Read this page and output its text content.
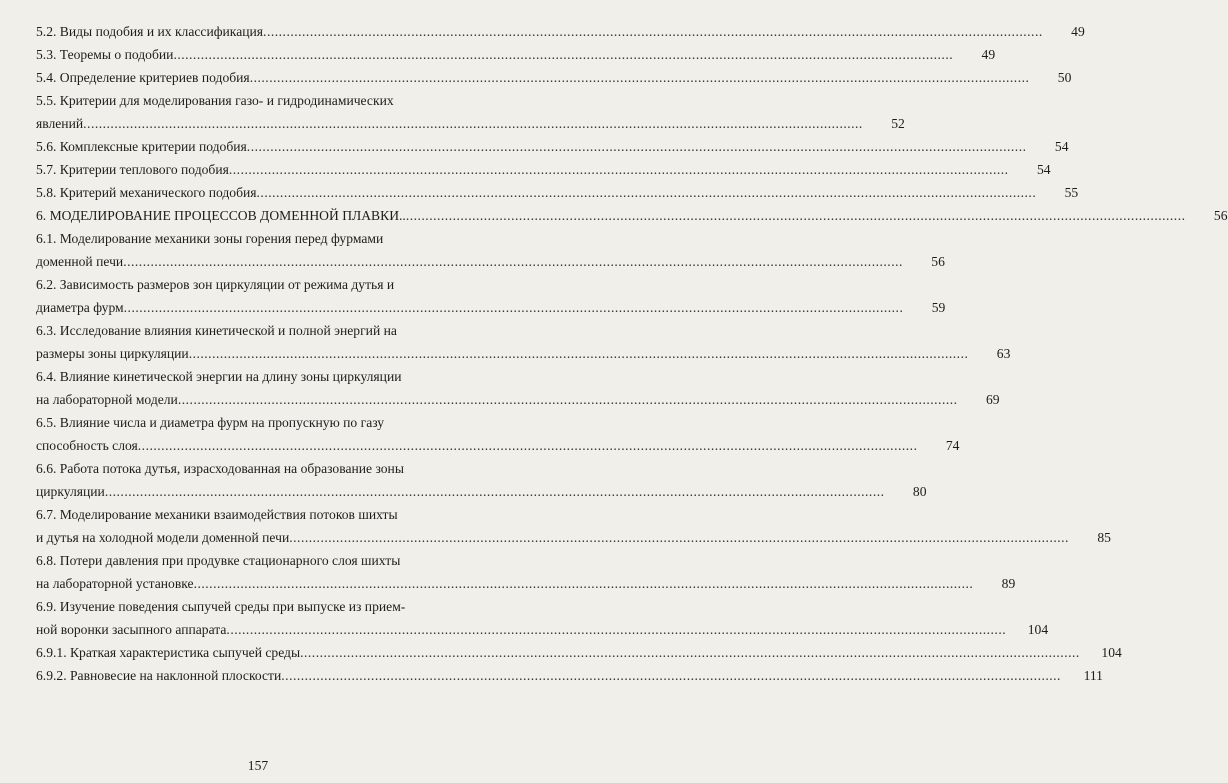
5.2. Виды подобия и их классификация ........................................................................................................................................................................................................	49
5.3. Теоремы о подобии ........................................................................................................................................................................................................	49
5.4. Определение критериев подобия ........................................................................................................................................................................................................	50
5.5. Критерии для моделирования газо- и гидродинамических
явлений ........................................................................................................................................................................................................	52
5.6. Комплексные критерии подобия ........................................................................................................................................................................................................	54
5.7. Критерии теплового подобия ........................................................................................................................................................................................................	54
5.8. Критерий механического подобия ........................................................................................................................................................................................................	55
6. МОДЕЛИРОВАНИЕ ПРОЦЕССОВ ДОМЕННОЙ ПЛАВКИ.. ........................................................................................................................................................................................................	56
6.1. Моделирование механики зоны горения перед фурмами
доменной печи ........................................................................................................................................................................................................	56
6.2. Зависимость размеров зон циркуляции от режима дутья и
диаметра фурм ........................................................................................................................................................................................................	59
6.3. Исследование влияния кинетической и полной энергий на
размеры зоны циркуляции ........................................................................................................................................................................................................	63
6.4. Влияние кинетической энергии на длину зоны циркуляции
на лабораторной модели ........................................................................................................................................................................................................	69
6.5. Влияние числа и диаметра фурм на пропускную по газу
способность слоя ........................................................................................................................................................................................................	74
6.6. Работа потока дутья, израсходованная на образование зоны
циркуляции ........................................................................................................................................................................................................	80
6.7. Моделирование механики взаимодействия потоков шихты
и дутья на холодной модели доменной печи ........................................................................................................................................................................................................	85
6.8. Потери давления при продувке стационарного слоя шихты
на лабораторной установке ........................................................................................................................................................................................................	89
6.9. Изучение поведения сыпучей среды при выпуске из прием-
ной воронки засыпного аппарата ........................................................................................................................................................................................................	104
6.9.1. Краткая характеристика сыпучей среды ........................................................................................................................................................................................................	104
6.9.2. Равновесие на наклонной плоскости ........................................................................................................................................................................................................	111
157
